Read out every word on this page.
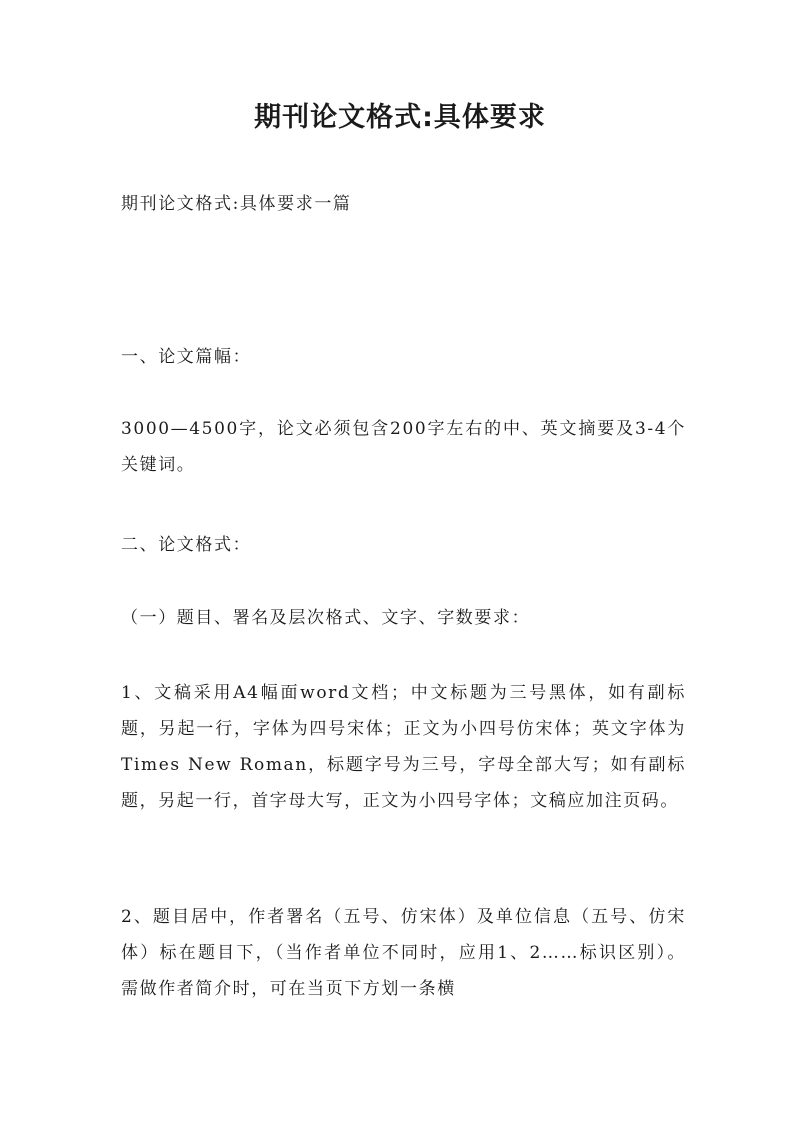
期刊论文格式:具体要求

期刊论文格式:具体要求一篇

一、论文篇幅：

3000—4500字，论文必须包含200字左右的中、英文摘要及3-4个关键词。

二、论文格式：

（一）题目、署名及层次格式、文字、字数要求：

1、文稿采用A4幅面word文档；中文标题为三号黑体，如有副标题，另起一行，字体为四号宋体；正文为小四号仿宋体；英文字体为Times New Roman，标题字号为三号，字母全部大写；如有副标题，另起一行，首字母大写，正文为小四号字体；文稿应加注页码。

2、题目居中，作者署名（五号、仿宋体）及单位信息（五号、仿宋体）标在题目下，（当作者单位不同时，应用1、2……标识区别）。需做作者简介时，可在当页下方划一条横
